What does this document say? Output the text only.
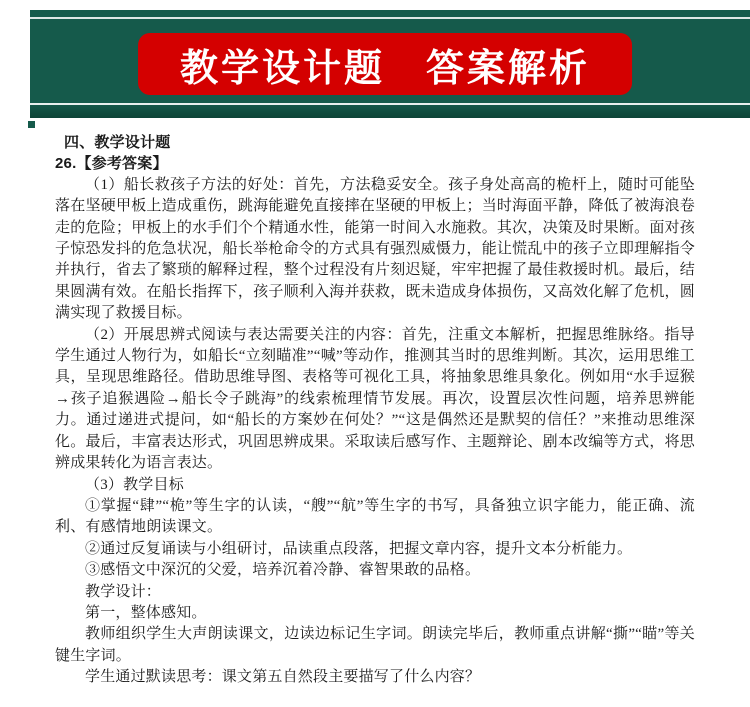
教学设计题　答案解析
四、教学设计题
26.【参考答案】

（1）船长救孩子方法的好处：首先，方法稳妥安全。孩子身处高高的桅杆上，随时可能坠落在坚硬甲板上造成重伤，跳海能避免直接摔在坚硬的甲板上；当时海面平静，降低了被海浪卷走的危险；甲板上的水手们个个精通水性，能第一时间入水施救。其次，决策及时果断。面对孩子惊恐发抖的危急状况，船长举枪命令的方式具有强烈威慑力，能让慌乱中的孩子立即理解指令并执行，省去了繁琐的解释过程，整个过程没有片刻迟疑，牢牢把握了最佳救援时机。最后，结果圆满有效。在船长指挥下，孩子顺利入海并获救，既未造成身体损伤，又高效化解了危机，圆满实现了救援目标。

（2）开展思辨式阅读与表达需要关注的内容：首先，注重文本解析，把握思维脉络。指导学生通过人物行为，如船长“立刻瞄准”“喊”等动作，推测其当时的思维判断。其次，运用思维工具，呈现思维路径。借助思维导图、表格等可视化工具，将抽象思维具象化。例如用“水手逗猴→孩子追猴遇险→船长令子跳海”的线索梳理情节发展。再次，设置层次性问题，培养思辨能力。通过递进式提问，如“船长的方案妙在何处？”“这是偶然还是默契的信任？”来推动思维深化。最后，丰富表达形式，巩固思辨成果。采取读后感写作、主题辩论、剧本改编等方式，将思辨成果转化为语言表达。

（3）教学目标

①掌握“肆”“桅”等生字的认读，“艘”“航”等生字的书写，具备独立识字能力，能正确、流利、有感情地朗读课文。

②通过反复诵读与小组研讨，品读重点段落，把握文章内容，提升文本分析能力。

③感悟文中深沉的父爱，培养沉着冷静、睿智果敢的品格。

教学设计：

第一，整体感知。

教师组织学生大声朗读课文，边读边标记生字词。朗读完毕后，教师重点讲解“撕”“瞄”等关键生字词。

学生通过默读思考：课文第五自然段主要描写了什么内容？
